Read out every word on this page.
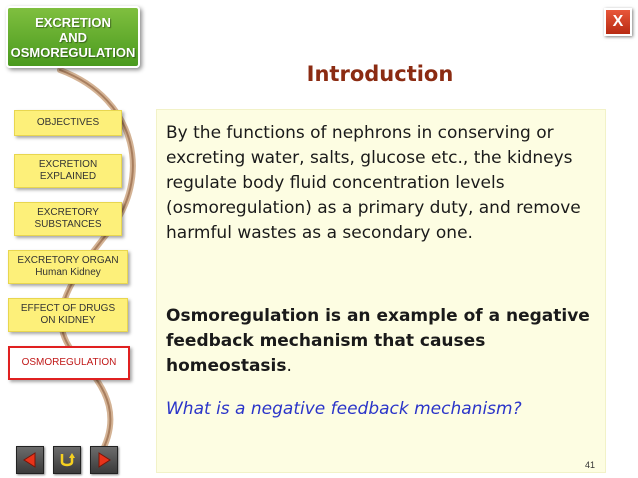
EXCRETION
AND
OSMOREGULATION
X
Introduction
OBJECTIVES
EXCRETION
EXPLAINED
EXCRETORY
SUBSTANCES
EXCRETORY ORGAN
Human Kidney
EFFECT OF DRUGS
ON KIDNEY
OSMOREGULATION
By the functions of nephrons in conserving or excreting water, salts, glucose etc., the kidneys regulate body fluid concentration levels (osmoregulation) as a primary duty, and remove harmful wastes as a secondary one.
Osmoregulation is an example of a negative feedback mechanism that causes homeostasis.
What is a negative feedback mechanism?
41
